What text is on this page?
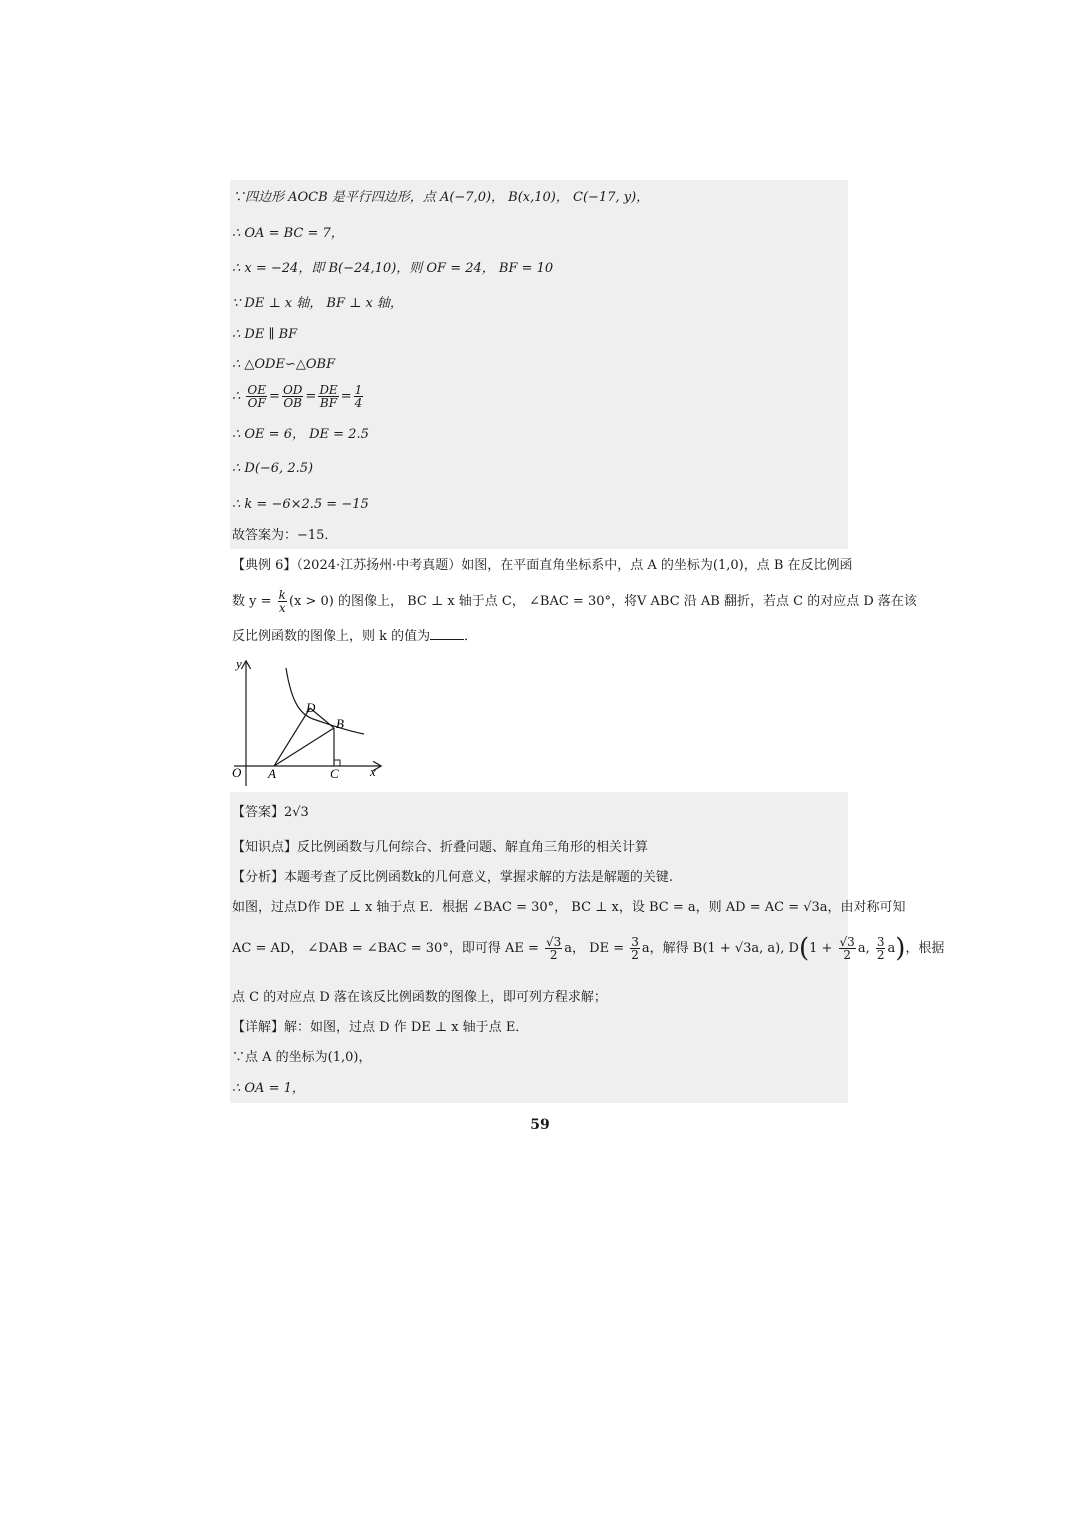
∵四边形 AOCB 是平行四边形，点 A(−7,0)， B(x,10)， C(−17, y)，
∴ OA = BC = 7，
∴ x = −24，即 B(−24,10)，则 OF = 24， BF = 10
∵ DE ⊥ x 轴， BF ⊥ x 轴，
∴ DE ∥ BF
∴ △ODE∽△OBF
∴ $\frac{OE}{OF} = \frac{OD}{OB} = \frac{DE}{BF} = \frac{1}{4}$
∴ OE = 6， DE = 2.5
∴ D(−6, 2.5)
∴ k = −6×2.5 = −15
故答案为：−15．
【典例 6】（2024·江苏扬州·中考真题）如图，在平面直角坐标系中，点 A 的坐标为(1,0)，点 B 在反比例函
数 $y = \frac{k}{x} (x > 0)$ 的图像上， BC ⊥ x 轴于点 C， ∠BAC = 30°，将V ABC 沿 AB 翻折，若点 C 的对应点 D 落在该
反比例函数的图像上，则 k 的值为	．
y
x
O A	C
B
D
【答案】2√3
【知识点】反比例函数与几何综合、折叠问题、解直角三角形的相关计算
【分析】本题考查了反比例函数k的几何意义，掌握求解的方法是解题的关键.
如图，过点D作 DE ⊥ x 轴于点 E．根据 ∠BAC = 30°， BC ⊥ x，设 BC = a，则 AD = AC = √3a，由对称可知
AC = AD， ∠DAB = ∠BAC = 30°，即可得 AE = $\frac{√3}{2}$ a， DE = $\frac{3}{2}$ a，解得 B(1 + √3a, a), $D(1 + \frac{√3}{2} a$, $\frac{3}{2} a$)，根据
点 C 的对应点 D 落在该反比例函数的图像上，即可列方程求解；
【详解】解：如图，过点 D 作 DE ⊥ x 轴于点 E．
∵点 A 的坐标为(1,0)，
∴ OA = 1，
59
